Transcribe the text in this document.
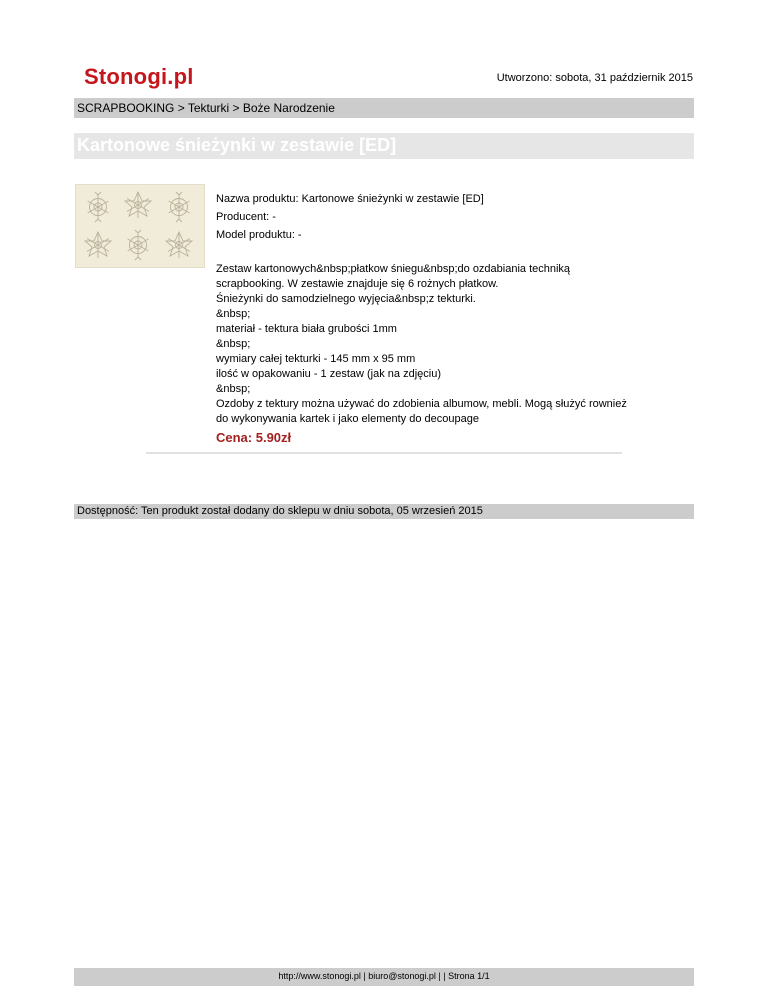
Stonogi.pl	Utworzono: sobota, 31 październik 2015
SCRAPBOOKING > Tekturki > Boże Narodzenie
Kartonowe śnieżynki w zestawie [ED]
Nazwa produktu: Kartonowe śnieżynki w zestawie [ED]
Producent: -
Model produktu: -
Zestaw kartonowych&nbsp;płatkow śniegu&nbsp;do ozdabiania techniką
scrapbooking. W zestawie znajduje się 6 rożnych płatkow.
Śnieżynki do samodzielnego wyjęcia&nbsp;z tekturki.
&nbsp;
materiał - tektura biała grubości 1mm
&nbsp;
wymiary całej tekturki - 145 mm x 95 mm
ilość w opakowaniu - 1 zestaw (jak na zdjęciu)
&nbsp;
Ozdoby z tektury można używać do zdobienia albumow, mebli. Mogą służyć rownież
do wykonywania kartek i jako elementy do decoupage
Cena: 5.90zł
Dostępność: Ten produkt został dodany do sklepu w dniu sobota, 05 wrzesień 2015
http://www.stonogi.pl | biuro@stonogi.pl | | Strona 1/1
